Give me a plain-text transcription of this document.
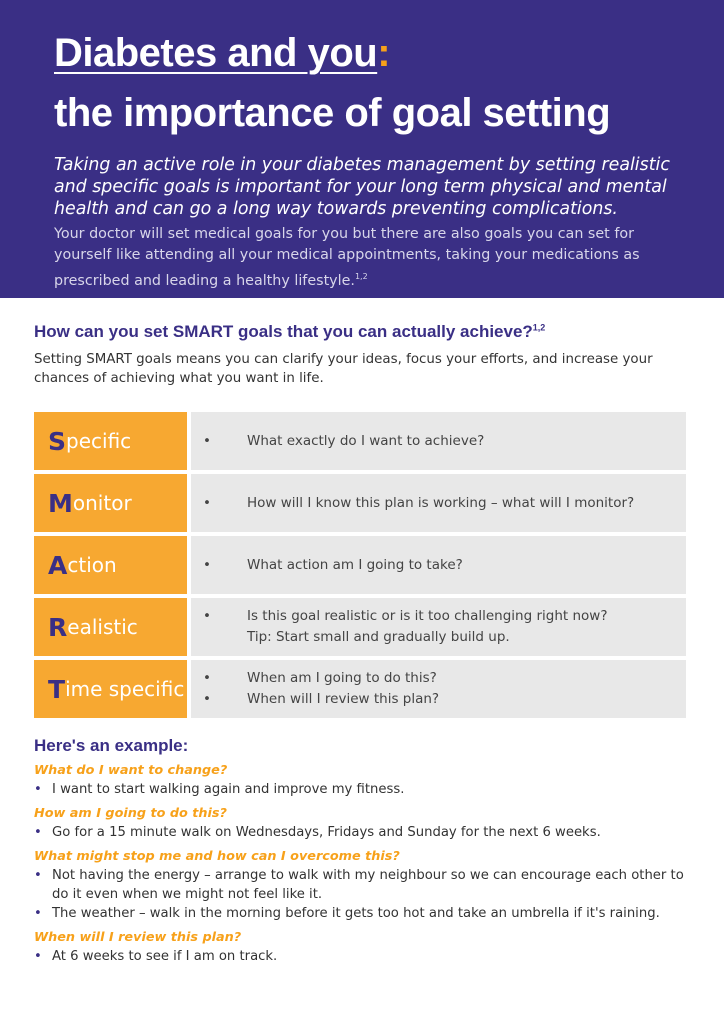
Diabetes and you:
the importance of goal setting

Taking an active role in your diabetes management by setting realistic and specific goals is important for your long term physical and mental health and can go a long way towards preventing complications.

Your doctor will set medical goals for you but there are also goals you can set for yourself like attending all your medical appointments, taking your medications as prescribed and leading a healthy lifestyle.$^{1,2}$

How can you set SMART goals that you can actually achieve?$^{1,2}$

Setting SMART goals means you can clarify your ideas, focus your efforts, and increase your chances of achieving what you want in life.

S pecific	•	What exactly do I want to achieve?
M onitor	•	How will I know this plan is working – what will I monitor?
A ction	•	What action am I going to take?
R ealistic	•	Is this goal realistic or is it too challenging right now?
Tip: Start small and gradually build up.
T ime specific •	When am I going to do this?
•	When will I review this plan?
Here's an example:
What do I want to change?
• I want to start walking again and improve my fitness.
How am I going to do this?
• Go for a 15 minute walk on Wednesdays, Fridays and Sunday for the next 6 weeks.
What might stop me and how can I overcome this?
• Not having the energy – arrange to walk with my neighbour so we can encourage each other to do it even when we might not feel like it.
• The weather – walk in the morning before it gets too hot and take an umbrella if it's raining.
When will I review this plan?
• At 6 weeks to see if I am on track.
